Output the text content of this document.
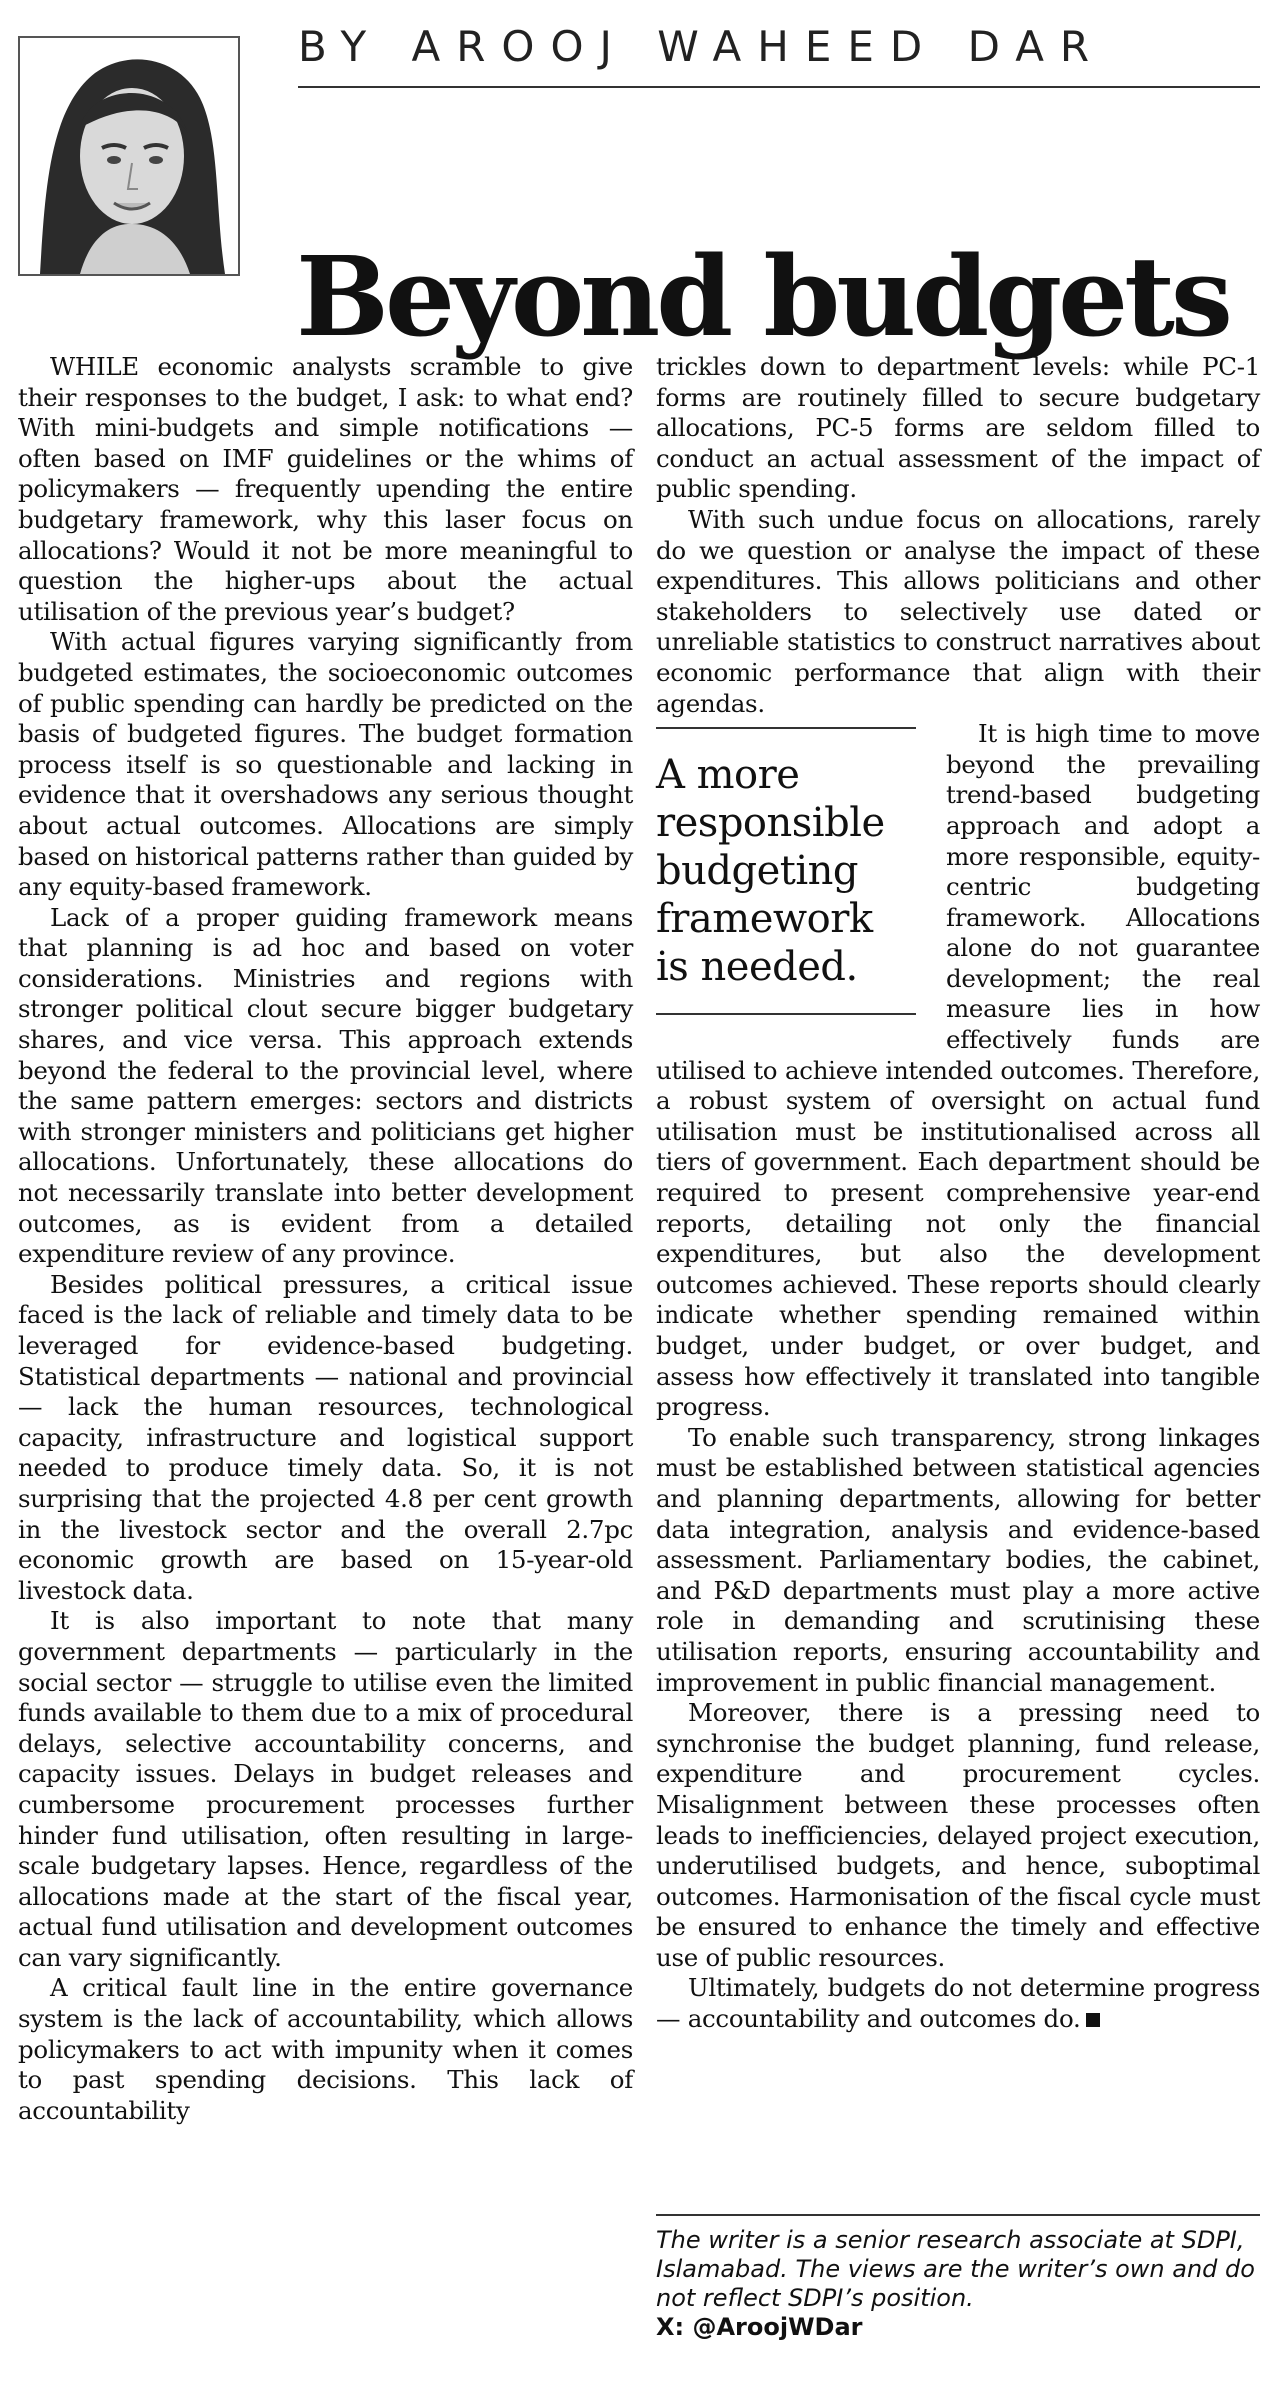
BY AROOJ WAHEED DAR
Beyond budgets

WHILE economic analysts scramble to give their responses to the budget, I ask: to what end? With mini-budgets and simple notifications — often based on IMF guidelines or the whims of policymakers — frequently upending the entire budgetary framework, why this laser focus on allocations? Would it not be more meaningful to question the higher-ups about the actual utilisation of the previous year’s budget?

With actual figures varying significantly from budgeted estimates, the socioeconomic outcomes of public spending can hardly be predicted on the basis of budgeted figures. The budget formation process itself is so questionable and lacking in evidence that it overshadows any serious thought about actual outcomes. Allocations are simply based on historical patterns rather than guided by any equity-based framework.

Lack of a proper guiding framework means that planning is ad hoc and based on voter considerations. Ministries and regions with stronger political clout secure bigger budgetary shares, and vice versa. This approach extends beyond the federal to the provincial level, where the same pattern emerges: sectors and districts with stronger ministers and politicians get higher allocations. Unfortunately, these allocations do not necessarily translate into better development outcomes, as is evident from a detailed expenditure review of any province.

Besides political pressures, a critical issue faced is the lack of reliable and timely data to be leveraged for evidence-based budgeting. Statistical departments — national and provincial — lack the human resources, technological capacity, infrastructure and logistical support needed to produce timely data. So, it is not surprising that the projected 4.8 per cent growth in the livestock sector and the overall 2.7pc economic growth are based on 15-year-old livestock data.

It is also important to note that many government departments — particularly in the social sector — struggle to utilise even the limited funds available to them due to a mix of procedural delays, selective accountability concerns, and capacity issues. Delays in budget releases and cumbersome procurement processes further hinder fund utilisation, often resulting in large-scale budgetary lapses. Hence, regardless of the allocations made at the start of the fiscal year, actual fund utilisation and development outcomes can vary significantly.

A critical fault line in the entire governance system is the lack of accountability, which allows policymakers to act with impunity when it comes to past spending decisions. This lack of accountability

trickles down to department levels: while PC-1 forms are routinely filled to secure budgetary allocations, PC-5 forms are seldom filled to conduct an actual assessment of the impact of public spending.

With such undue focus on allocations, rarely do we question or analyse the impact of these expenditures. This allows politicians and other stakeholders to selectively use dated or unreliable statistics to construct narratives about economic performance that align with their agendas.

A more
responsible
budgeting
framework
is needed.

It is high time to move beyond the prevailing trend-based budgeting approach and adopt a more responsible, equity-centric budgeting framework. Allocations alone do not guarantee development; the real measure lies in how effectively funds are utilised to achieve intended outcomes. Therefore, a robust system of oversight on actual fund utilisation must be institutionalised across all tiers of government. Each department should be required to present comprehensive year-end reports, detailing not only the financial expenditures, but also the development outcomes achieved. These reports should clearly indicate whether spending remained within budget, under budget, or over budget, and assess how effectively it translated into tangible progress.

To enable such transparency, strong linkages must be established between statistical agencies and planning departments, allowing for better data integration, analysis and evidence-based assessment. Parliamentary bodies, the cabinet, and P&D departments must play a more active role in demanding and scrutinising these utilisation reports, ensuring accountability and improvement in public financial management.

Moreover, there is a pressing need to synchronise the budget planning, fund release, expenditure and procurement cycles. Misalignment between these processes often leads to inefficiencies, delayed project execution, underutilised budgets, and hence, suboptimal outcomes. Harmonisation of the fiscal cycle must be ensured to enhance the timely and effective use of public resources.

Ultimately, budgets do not determine progress — accountability and outcomes do.

The writer is a senior research associate at SDPI, Islamabad. The views are the writer’s own and do not reflect SDPI’s position.
X: @AroojWDar
